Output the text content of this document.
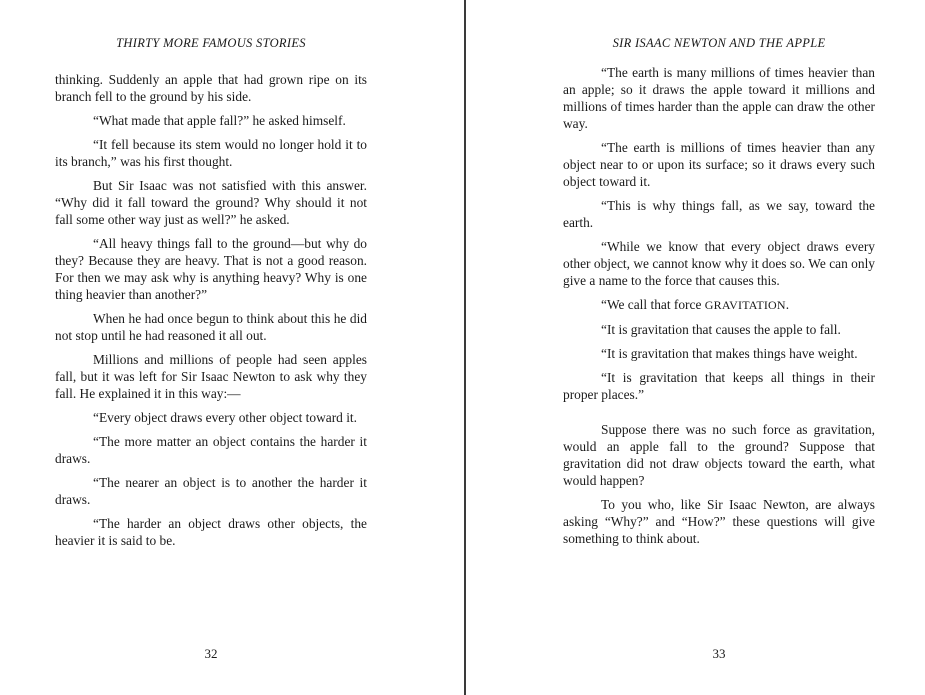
THIRTY MORE FAMOUS STORIES

thinking. Suddenly an apple that had grown ripe on its branch fell to the ground by his side.

“What made that apple fall?” he asked himself.

“It fell because its stem would no longer hold it to its branch,” was his first thought.

But Sir Isaac was not satisfied with this answer. “Why did it fall toward the ground? Why should it not fall some other way just as well?” he asked.

“All heavy things fall to the ground—but why do they? Because they are heavy. That is not a good reason. For then we may ask why is anything heavy? Why is one thing heavier than another?”

When he had once begun to think about this he did not stop until he had reasoned it all out.

Millions and millions of people had seen apples fall, but it was left for Sir Isaac Newton to ask why they fall. He explained it in this way:—

“Every object draws every other object toward it.

“The more matter an object contains the harder it draws.

“The nearer an object is to another the harder it draws.

“The harder an object draws other objects, the heavier it is said to be.

32
SIR ISAAC NEWTON AND THE APPLE

“The earth is many millions of times heavier than an apple; so it draws the apple toward it millions and millions of times harder than the apple can draw the other way.

“The earth is millions of times heavier than any object near to or upon its surface; so it draws every such object toward it.

“This is why things fall, as we say, toward the earth.

“While we know that every object draws every other object, we cannot know why it does so. We can only give a name to the force that causes this.

“We call that force GRAVITATION.

“It is gravitation that causes the apple to fall.

“It is gravitation that makes things have weight.

“It is gravitation that keeps all things in their proper places.”

Suppose there was no such force as gravitation, would an apple fall to the ground? Suppose that gravitation did not draw objects toward the earth, what would happen?

To you who, like Sir Isaac Newton, are always asking “Why?” and “How?” these questions will give something to think about.

33
